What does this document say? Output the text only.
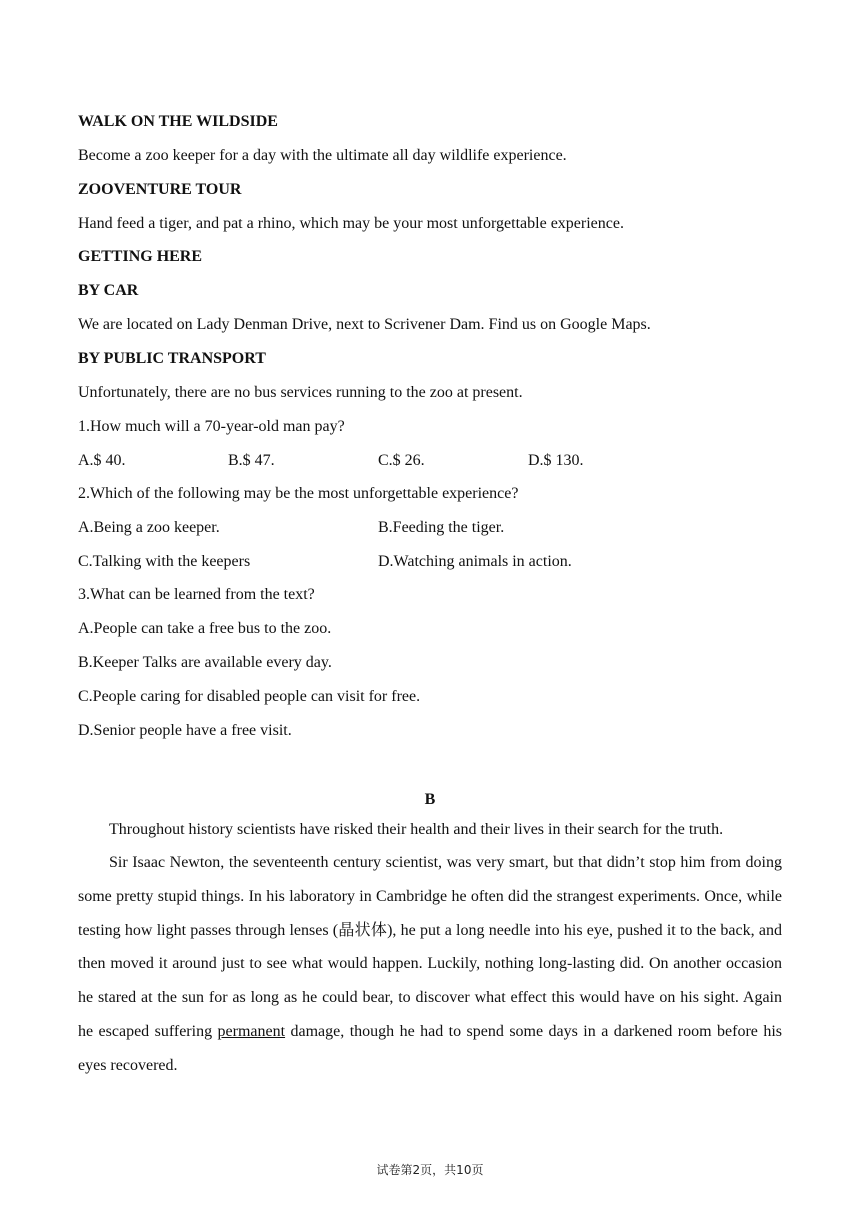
WALK ON THE WILDSIDE
Become a zoo keeper for a day with the ultimate all day wildlife experience.
ZOOVENTURE TOUR
Hand feed a tiger, and pat a rhino, which may be your most unforgettable experience.
GETTING HERE
BY CAR
We are located on Lady Denman Drive, next to Scrivener Dam. Find us on Google Maps.
BY PUBLIC TRANSPORT
Unfortunately, there are no bus services running to the zoo at present.
1.How much will a 70-year-old man pay?
A.$ 40.	B.$ 47.	C.$ 26.	D.$ 130.
2.Which of the following may be the most unforgettable experience?
A.Being a zoo keeper.	B.Feeding the tiger.
C.Talking with the keepers	D.Watching animals in action.
3.What can be learned from the text?
A.People can take a free bus to the zoo.
B.Keeper Talks are available every day.
C.People caring for disabled people can visit for free.
D.Senior people have a free visit.
B

Throughout history scientists have risked their health and their lives in their search for the truth.

Sir Isaac Newton, the seventeenth century scientist, was very smart, but that didn’t stop him from doing some pretty stupid things. In his laboratory in Cambridge he often did the strangest experiments. Once, while testing how light passes through lenses (晶状体), he put a long needle into his eye, pushed it to the back, and then moved it around just to see what would happen. Luckily, nothing long-lasting did. On another occasion he stared at the sun for as long as he could bear, to discover what effect this would have on his sight. Again he escaped suffering permanent damage, though he had to spend some days in a darkened room before his eyes recovered.

试卷第2页，共10页
